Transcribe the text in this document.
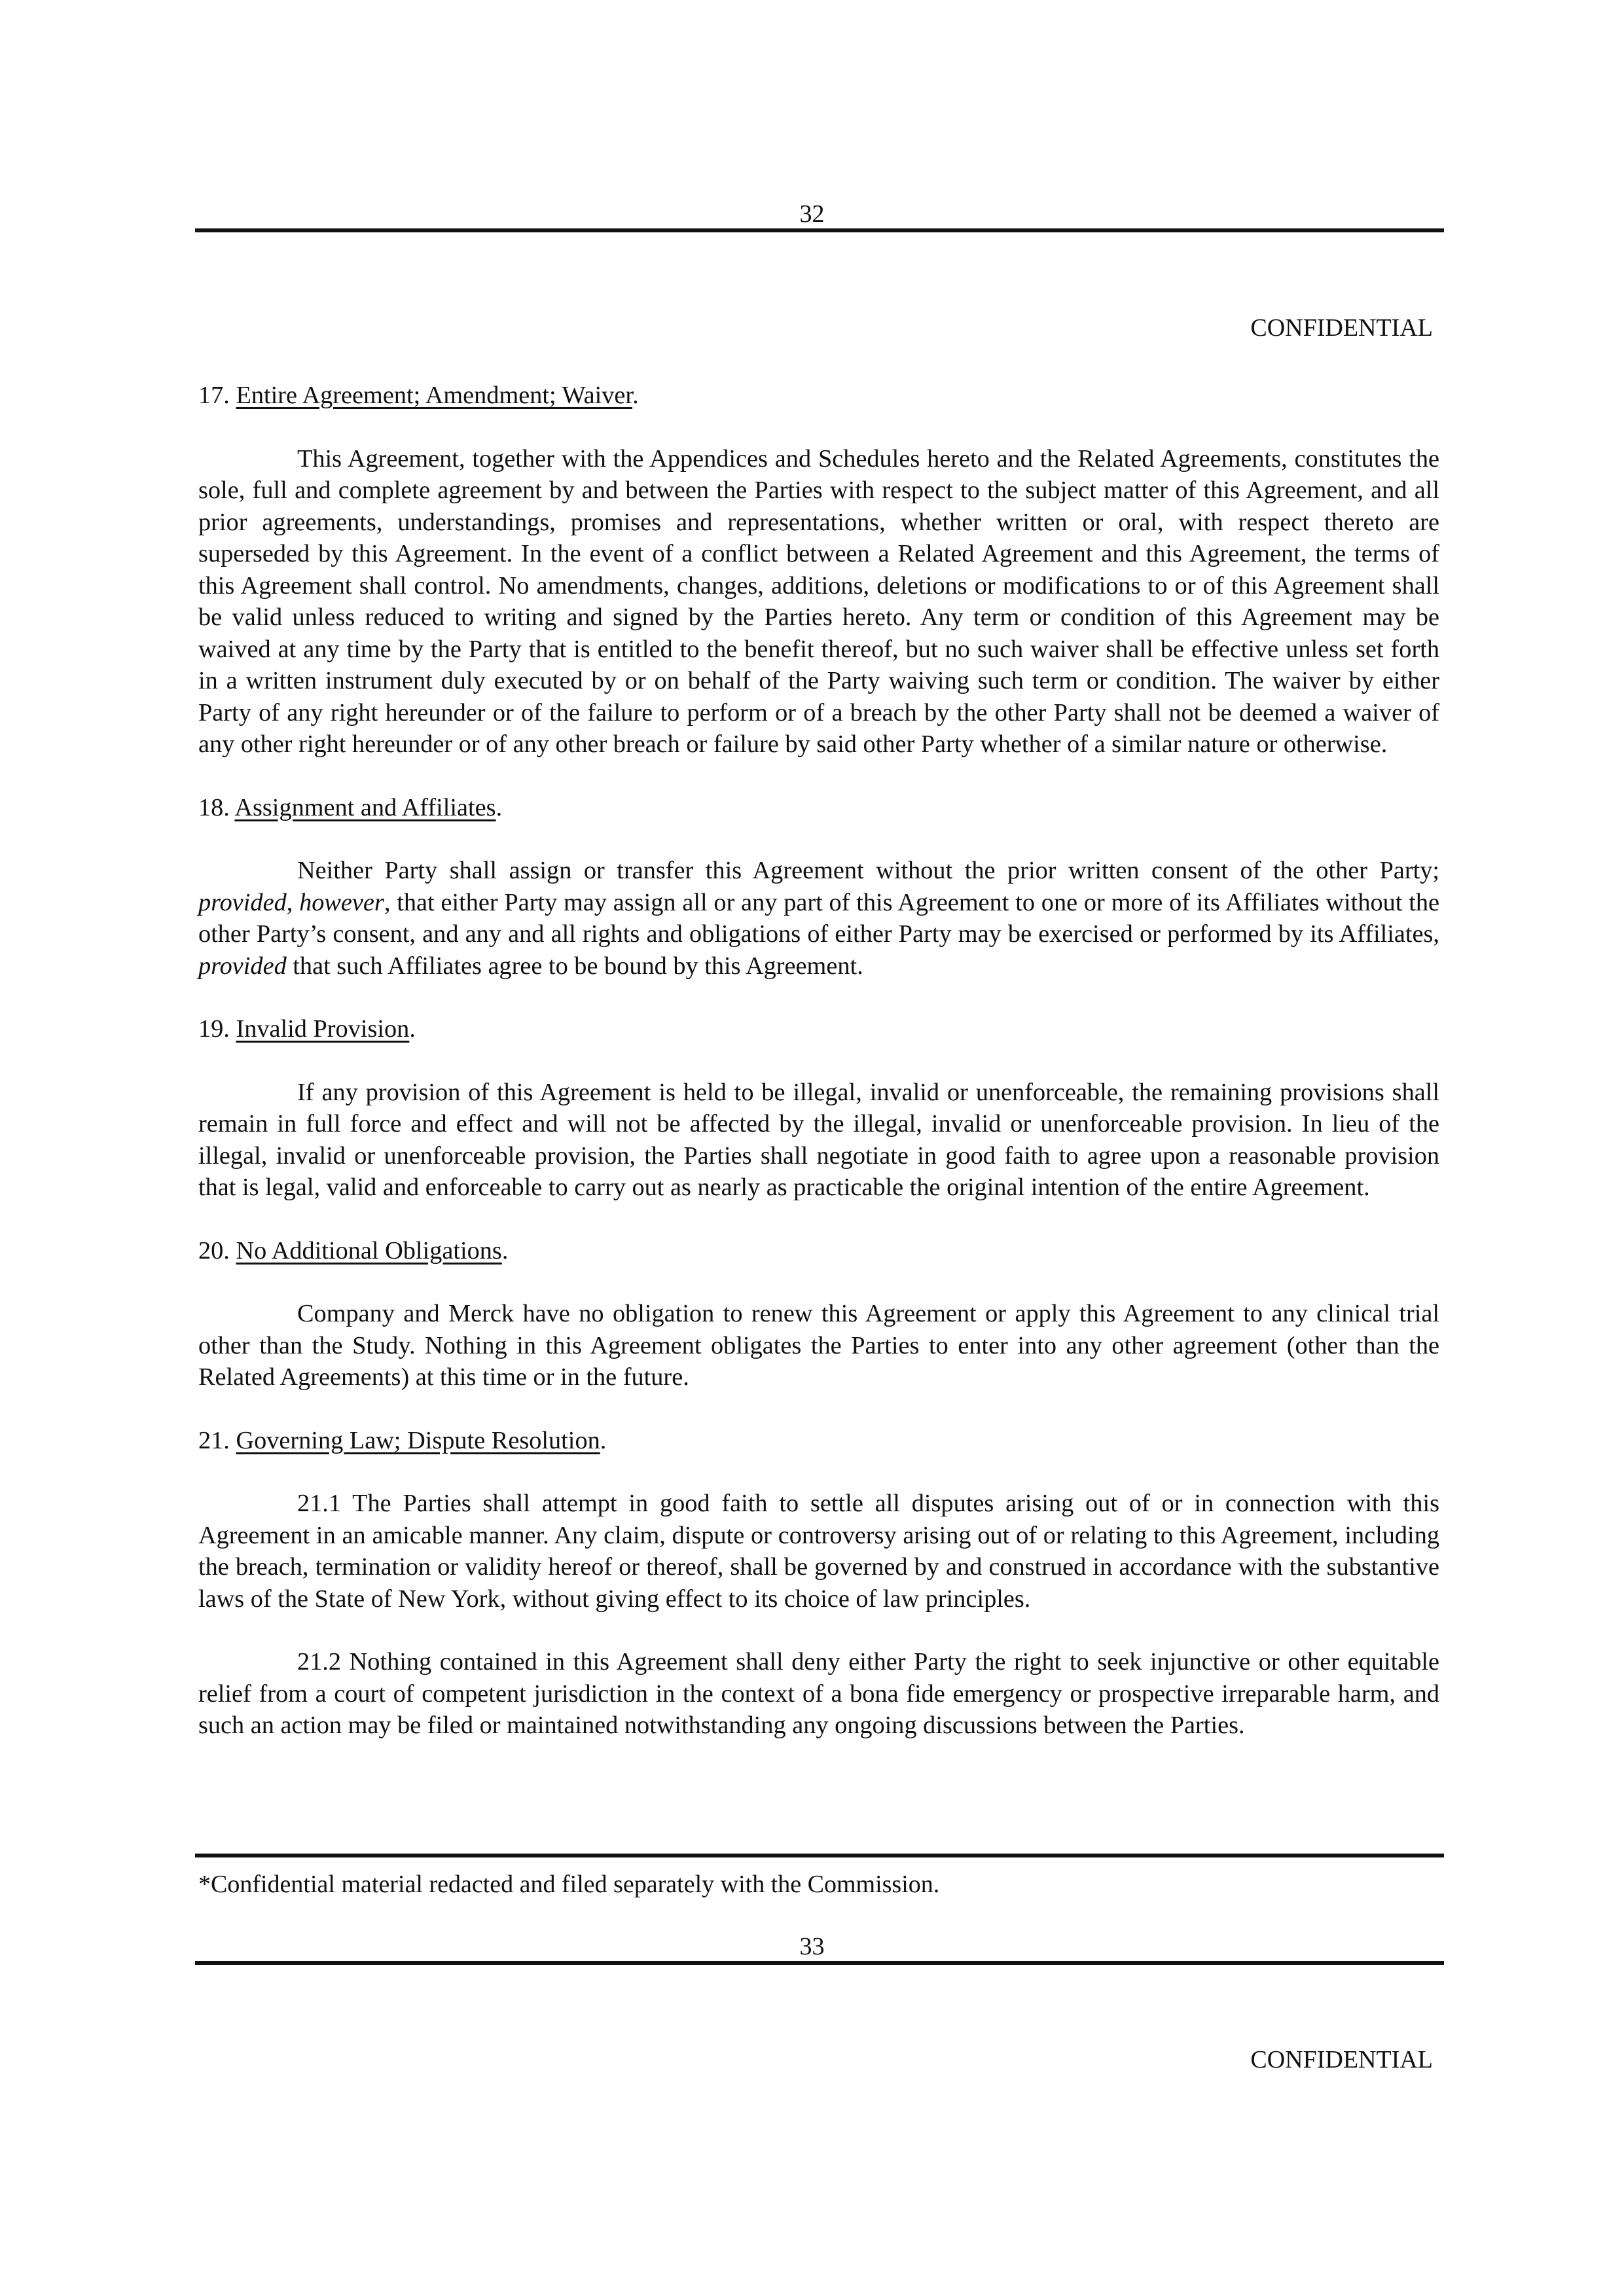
32
CONFIDENTIAL

17. Entire Agreement; Amendment; Waiver.

This Agreement, together with the Appendices and Schedules hereto and the Related Agreements, constitutes the sole, full and complete agreement by and between the Parties with respect to the subject matter of this Agreement, and all prior agreements, understandings, promises and representations, whether written or oral, with respect thereto are superseded by this Agreement. In the event of a conflict between a Related Agreement and this Agreement, the terms of this Agreement shall control. No amendments, changes, additions, deletions or modifications to or of this Agreement shall be valid unless reduced to writing and signed by the Parties hereto. Any term or condition of this Agreement may be waived at any time by the Party that is entitled to the benefit thereof, but no such waiver shall be effective unless set forth in a written instrument duly executed by or on behalf of the Party waiving such term or condition. The waiver by either Party of any right hereunder or of the failure to perform or of a breach by the other Party shall not be deemed a waiver of any other right hereunder or of any other breach or failure by said other Party whether of a similar nature or otherwise.

18. Assignment and Affiliates.

Neither Party shall assign or transfer this Agreement without the prior written consent of the other Party; provided, however, that either Party may assign all or any part of this Agreement to one or more of its Affiliates without the other Party’s consent, and any and all rights and obligations of either Party may be exercised or performed by its Affiliates, provided that such Affiliates agree to be bound by this Agreement.

19. Invalid Provision.

If any provision of this Agreement is held to be illegal, invalid or unenforceable, the remaining provisions shall remain in full force and effect and will not be affected by the illegal, invalid or unenforceable provision. In lieu of the illegal, invalid or unenforceable provision, the Parties shall negotiate in good faith to agree upon a reasonable provision that is legal, valid and enforceable to carry out as nearly as practicable the original intention of the entire Agreement.

20. No Additional Obligations.

Company and Merck have no obligation to renew this Agreement or apply this Agreement to any clinical trial other than the Study. Nothing in this Agreement obligates the Parties to enter into any other agreement (other than the Related Agreements) at this time or in the future.

21. Governing Law; Dispute Resolution.

21.1 The Parties shall attempt in good faith to settle all disputes arising out of or in connection with this Agreement in an amicable manner. Any claim, dispute or controversy arising out of or relating to this Agreement, including the breach, termination or validity hereof or thereof, shall be governed by and construed in accordance with the substantive laws of the State of New York, without giving effect to its choice of law principles.

21.2 Nothing contained in this Agreement shall deny either Party the right to seek injunctive or other equitable relief from a court of competent jurisdiction in the context of a bona fide emergency or prospective irreparable harm, and such an action may be filed or maintained notwithstanding any ongoing discussions between the Parties.

*Confidential material redacted and filed separately with the Commission.
33
CONFIDENTIAL
